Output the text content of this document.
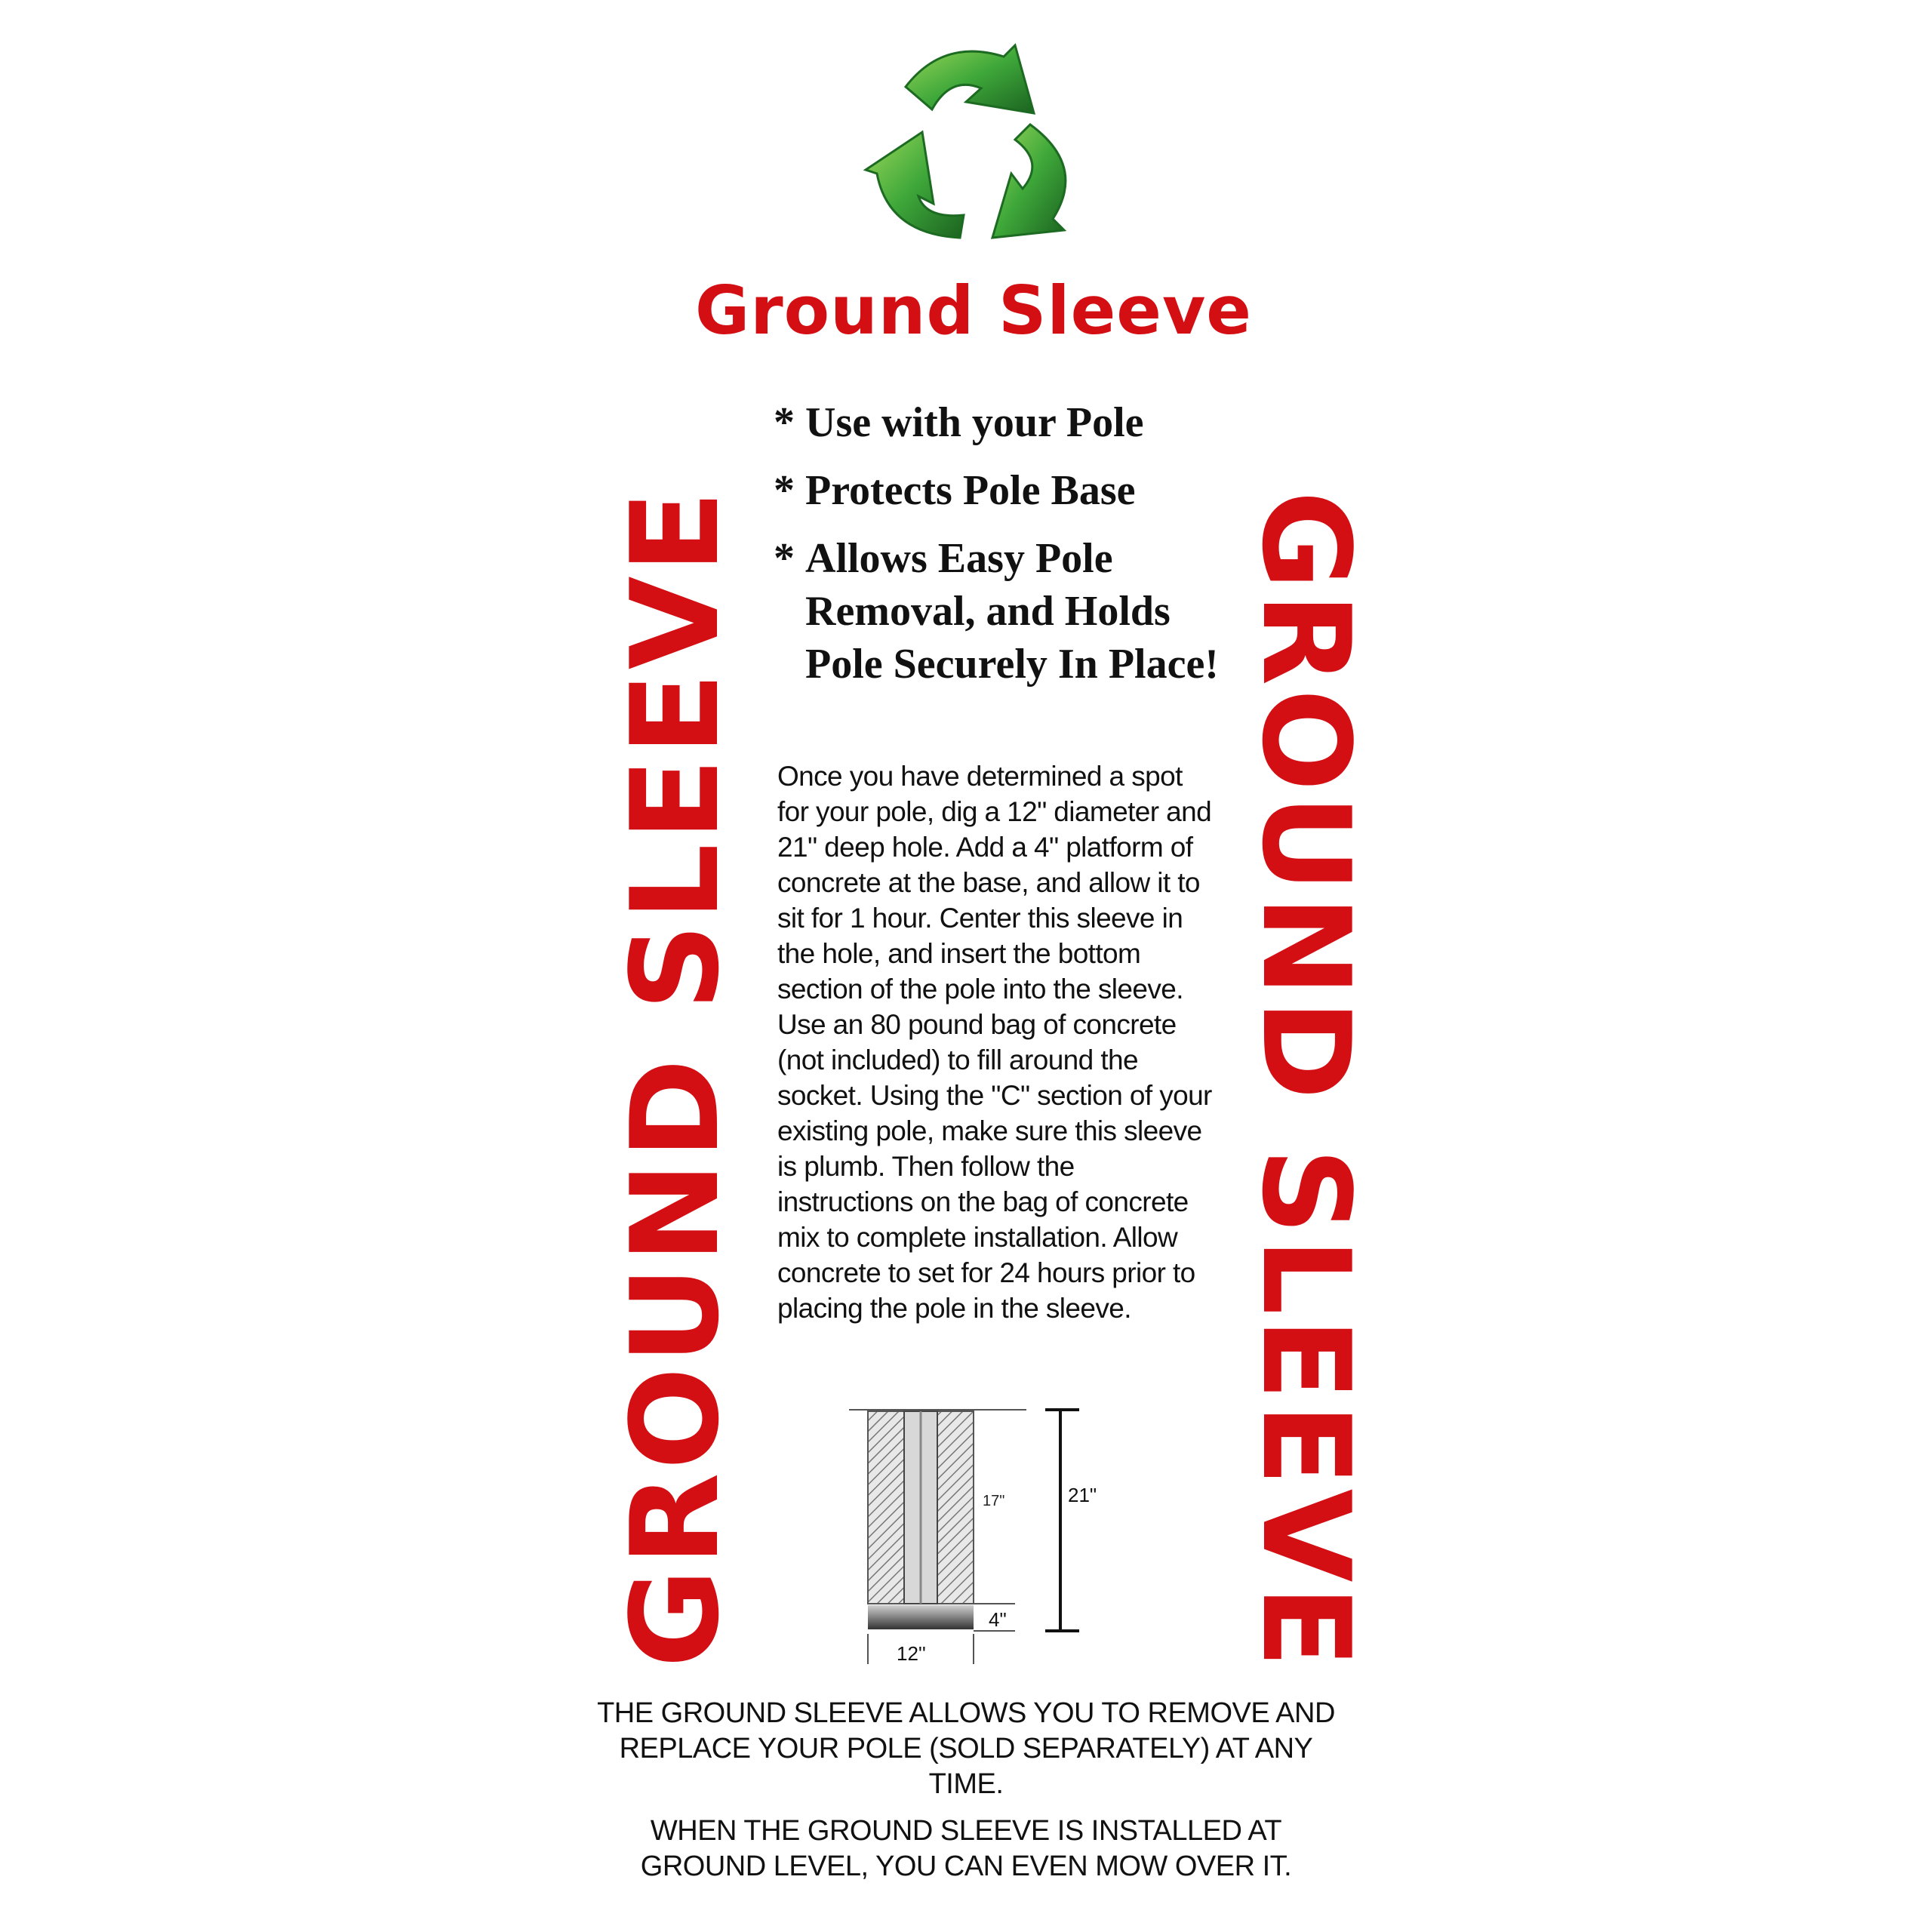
Ground Sleeve
GROUND SLEEVE	GROUND SLEEVE
* Use with your Pole
* Protects Pole Base
* Allows Easy Pole Removal, and Holds Pole Securely In Place!
Once you have determined a spot for your pole, dig a 12" diameter and 21" deep hole. Add a 4" platform of concrete at the base, and allow it to sit for 1 hour. Center this sleeve in the hole, and insert the bottom section of the pole into the sleeve. Use an 80 pound bag of concrete (not included) to fill around the socket. Using the "C" section of your existing pole, make sure this sleeve is plumb. Then follow the instructions on the bag of concrete mix to complete installation. Allow concrete to set for 24 hours prior to placing the pole in the sleeve.
17"	21"
4"
12''
THE GROUND SLEEVE ALLOWS YOU TO REMOVE AND REPLACE YOUR POLE (SOLD SEPARATELY) AT ANY TIME.
WHEN THE GROUND SLEEVE IS INSTALLED AT GROUND LEVEL, YOU CAN EVEN MOW OVER IT.
